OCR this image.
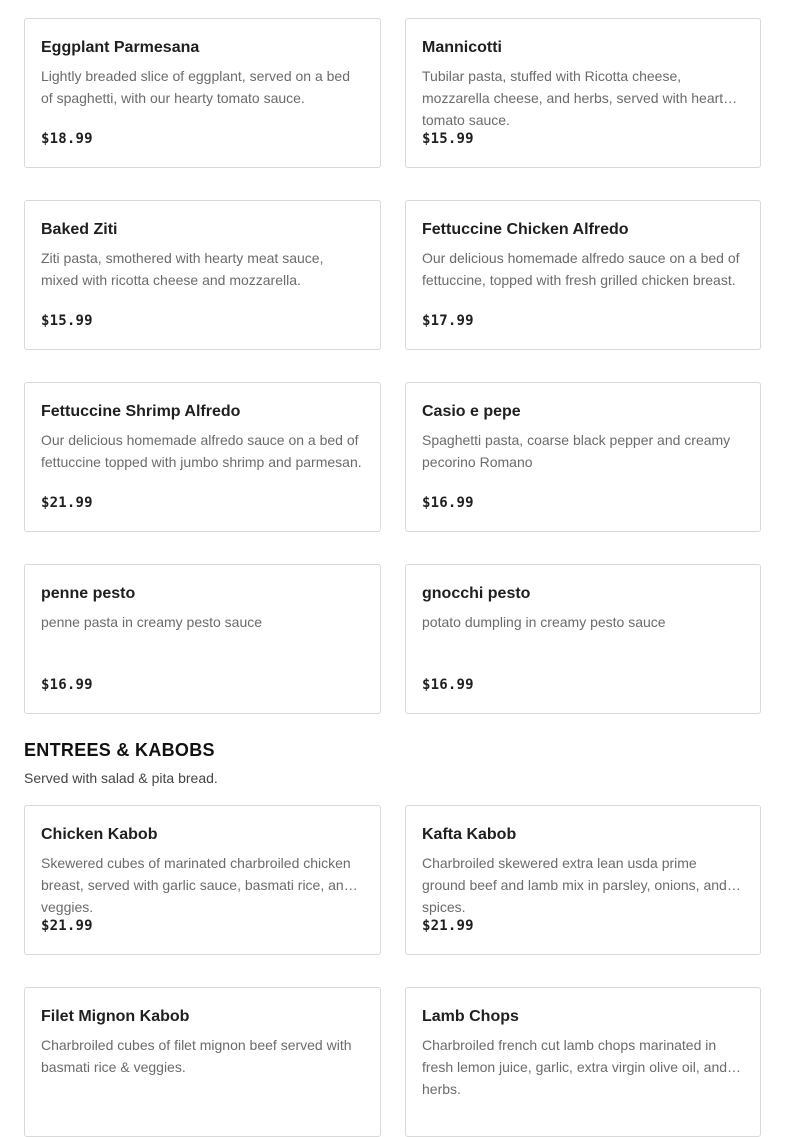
Eggplant Parmesana
Lightly breaded slice of eggplant, served on a bed of spaghetti, with our hearty tomato sauce.
$18.99
Mannicotti
Tubilar pasta, stuffed with Ricotta cheese, mozzarella cheese, and herbs, served with hearty tomato sauce.
$15.99
Baked Ziti
Ziti pasta, smothered with hearty meat sauce, mixed with ricotta cheese and mozzarella.
$15.99
Fettuccine Chicken Alfredo
Our delicious homemade alfredo sauce on a bed of fettuccine, topped with fresh grilled chicken breast.
$17.99
Fettuccine Shrimp Alfredo
Our delicious homemade alfredo sauce on a bed of fettuccine topped with jumbo shrimp and parmesan.
$21.99
Casio e pepe
Spaghetti pasta, coarse black pepper and creamy pecorino Romano
$16.99
penne pesto
penne pasta in creamy pesto sauce
$16.99
gnocchi pesto
potato dumpling in creamy pesto sauce
$16.99
ENTREES & KABOBS
Served with salad & pita bread.
Chicken Kabob
Skewered cubes of marinated charbroiled chicken breast, served with garlic sauce, basmati rice, and veggies.
$21.99
Kafta Kabob
Charbroiled skewered extra lean usda prime ground beef and lamb mix in parsley, onions, and spices.
$21.99
Filet Mignon Kabob
Charbroiled cubes of filet mignon beef served with basmati rice & veggies.
Lamb Chops
Charbroiled french cut lamb chops marinated in fresh lemon juice, garlic, extra virgin olive oil, and herbs.
